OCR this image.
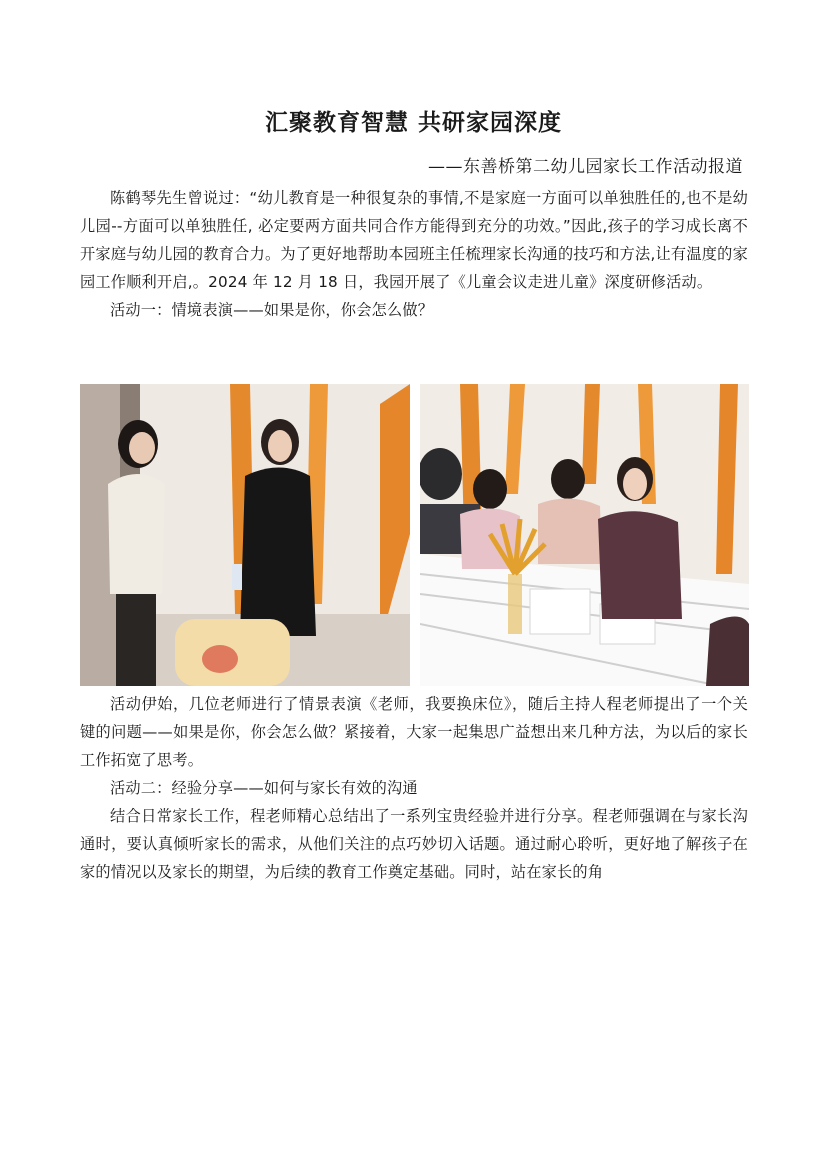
汇聚教育智慧 共研家园深度
——东善桥第二幼儿园家长工作活动报道

陈鹤琴先生曾说过：“幼儿教育是一种很复杂的事情,不是家庭一方面可以单独胜任的,也不是幼儿园--方面可以单独胜任, 必定要两方面共同合作方能得到充分的功效。”因此,孩子的学习成长离不开家庭与幼儿园的教育合力。为了更好地帮助本园班主任梳理家长沟通的技巧和方法,让有温度的家园工作顺利开启,。2024 年 12 月 18 日，我园开展了《儿童会议走进儿童》深度研修活动。

活动一：情境表演——如果是你，你会怎么做？

活动伊始，几位老师进行了情景表演《老师，我要换床位》，随后主持人程老师提出了一个关键的问题——如果是你，你会怎么做？紧接着，大家一起集思广益想出来几种方法，为以后的家长工作拓宽了思考。

活动二：经验分享——如何与家长有效的沟通

结合日常家长工作，程老师精心总结出了一系列宝贵经验并进行分享。程老师强调在与家长沟通时，要认真倾听家长的需求，从他们关注的点巧妙切入话题。通过耐心聆听，更好地了解孩子在家的情况以及家长的期望，为后续的教育工作奠定基础。同时，站在家长的角
